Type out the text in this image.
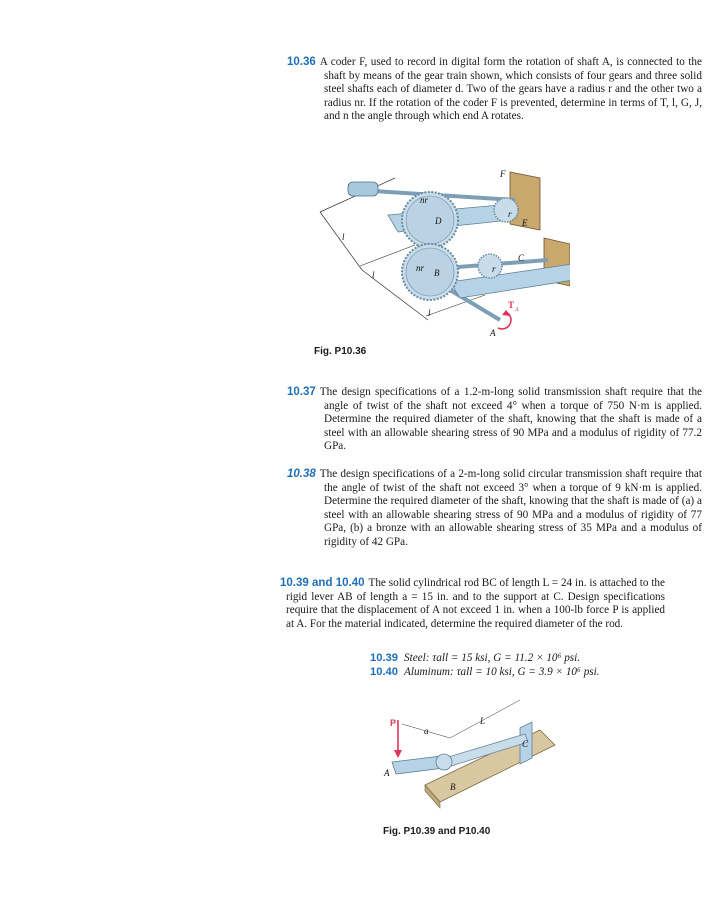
10.36 A coder F, used to record in digital form the rotation of shaft A, is connected to the shaft by means of the gear train shown, which consists of four gears and three solid steel shafts each of diameter d. Two of the gears have a radius r and the other two a radius nr. If the rotation of the coder F is prevented, determine in terms of T, l, G, J, and n the angle through which end A rotates.
F
nr
D
r
E
nr B	r
C
l
l
l
T A
A
Fig. P10.36
10.37 The design specifications of a 1.2-m-long solid transmission shaft require that the angle of twist of the shaft not exceed 4° when a torque of 750 N·m is applied. Determine the required diameter of the shaft, knowing that the shaft is made of a steel with an allowable shearing stress of 90 MPa and a modulus of rigidity of 77.2 GPa.
10.38 The design specifications of a 2-m-long solid circular transmission shaft require that the angle of twist of the shaft not exceed 3° when a torque of 9 kN·m is applied. Determine the required diameter of the shaft, knowing that the shaft is made of (a) a steel with an allowable shearing stress of 90 MPa and a modulus of rigidity of 77 GPa, (b) a bronze with an allowable shearing stress of 35 MPa and a modulus of rigidity of 42 GPa.
10.39 and 10.40 The solid cylindrical rod BC of length L = 24 in. is attached to the rigid lever AB of length a = 15 in. and to the support at C. Design specifications require that the displacement of A not exceed 1 in. when a 100-lb force P is applied at A. For the material indicated, determine the required diameter of the rod.
10.39 Steel: τall = 15 ksi, G = 11.2 × 10⁶ psi.
10.40 Aluminum: τall = 10 ksi, G = 3.9 × 10⁶ psi.
P
a
L
A
B
C
Fig. P10.39 and P10.40
